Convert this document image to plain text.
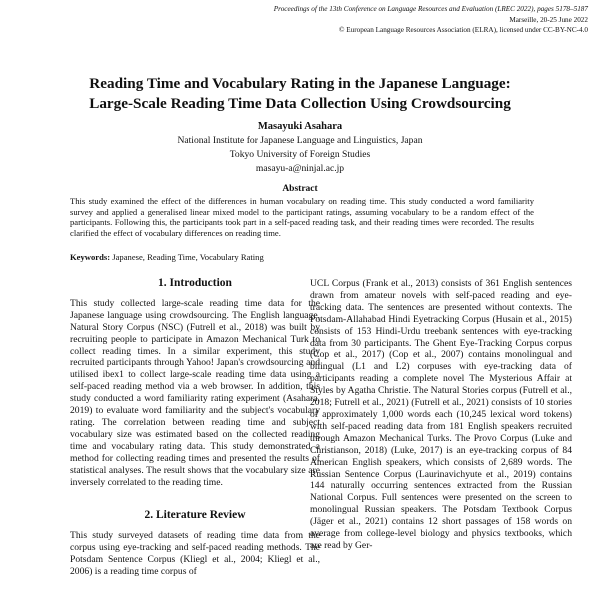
Proceedings of the 13th Conference on Language Resources and Evaluation (LREC 2022), pages 5178–5187
Marseille, 20-25 June 2022
© European Language Resources Association (ELRA), licensed under CC-BY-NC-4.0
Reading Time and Vocabulary Rating in the Japanese Language:
Large-Scale Reading Time Data Collection Using Crowdsourcing
Masayuki Asahara
National Institute for Japanese Language and Linguistics, Japan
Tokyo University of Foreign Studies
masayu-a@ninjal.ac.jp
Abstract
This study examined the effect of the differences in human vocabulary on reading time. This study conducted a word familiarity survey and applied a generalised linear mixed model to the participant ratings, assuming vocabulary to be a random effect of the participants. Following this, the participants took part in a self-paced reading task, and their reading times were recorded. The results clarified the effect of vocabulary differences on reading time.
Keywords: Japanese, Reading Time, Vocabulary Rating
1. Introduction

This study collected large-scale reading time data for the Japanese language using crowdsourcing. The English language, Natural Story Corpus (NSC) (Futrell et al., 2018) was built by recruiting people to participate in Amazon Mechanical Turk to collect reading times. In a similar experiment, this study recruited participants through Yahoo! Japan's crowdsourcing and utilised ibex1 to collect large-scale reading time data using a self-paced reading method via a web browser. In addition, this study conducted a word familiarity rating experiment (Asahara, 2019) to evaluate word familiarity and the subject's vocabulary rating. The correlation between reading time and subject vocabulary size was estimated based on the collected reading time and vocabulary rating data. This study demonstrated a method for collecting reading times and presented the results of statistical analyses. The result shows that the vocabulary size are inversely correlated to the reading time.

2. Literature Review

This study surveyed datasets of reading time data from the corpus using eye-tracking and self-paced reading methods. The Potsdam Sentence Corpus (Kliegl et al., 2004; Kliegl et al., 2006) is a reading time corpus of

UCL Corpus (Frank et al., 2013) consists of 361 English sentences drawn from amateur novels with self-paced reading and eye-tracking data. The sentences are presented without contexts. The Potsdam-Allahabad Hindi Eyetracking Corpus (Husain et al., 2015) consists of 153 Hindi-Urdu treebank sentences with eye-tracking data from 30 participants. The Ghent Eye-Tracking Corpus corpus (Cop et al., 2017) (Cop et al., 2007) contains monolingual and bilingual (L1 and L2) corpuses with eye-tracking data of participants reading a complete novel The Mysterious Affair at Styles by Agatha Christie. The Natural Stories corpus (Futrell et al., 2018; Futrell et al., 2021) (Futrell et al., 2021) consists of 10 stories of approximately 1,000 words each (10,245 lexical word tokens) with self-paced reading data from 181 English speakers recruited through Amazon Mechanical Turks. The Provo Corpus (Luke and Christianson, 2018) (Luke, 2017) is an eye-tracking corpus of 84 American English speakers, which consists of 2,689 words. The Russian Sentence Corpus (Laurinavichyute et al., 2019) contains 144 naturally occurring sentences extracted from the Russian National Corpus. Full sentences were presented on the screen to monolingual Russian speakers. The Potsdam Textbook Corpus (Jäger et al., 2021) contains 12 short passages of 158 words on average from college-level biology and physics textbooks, which are read by Ger-
